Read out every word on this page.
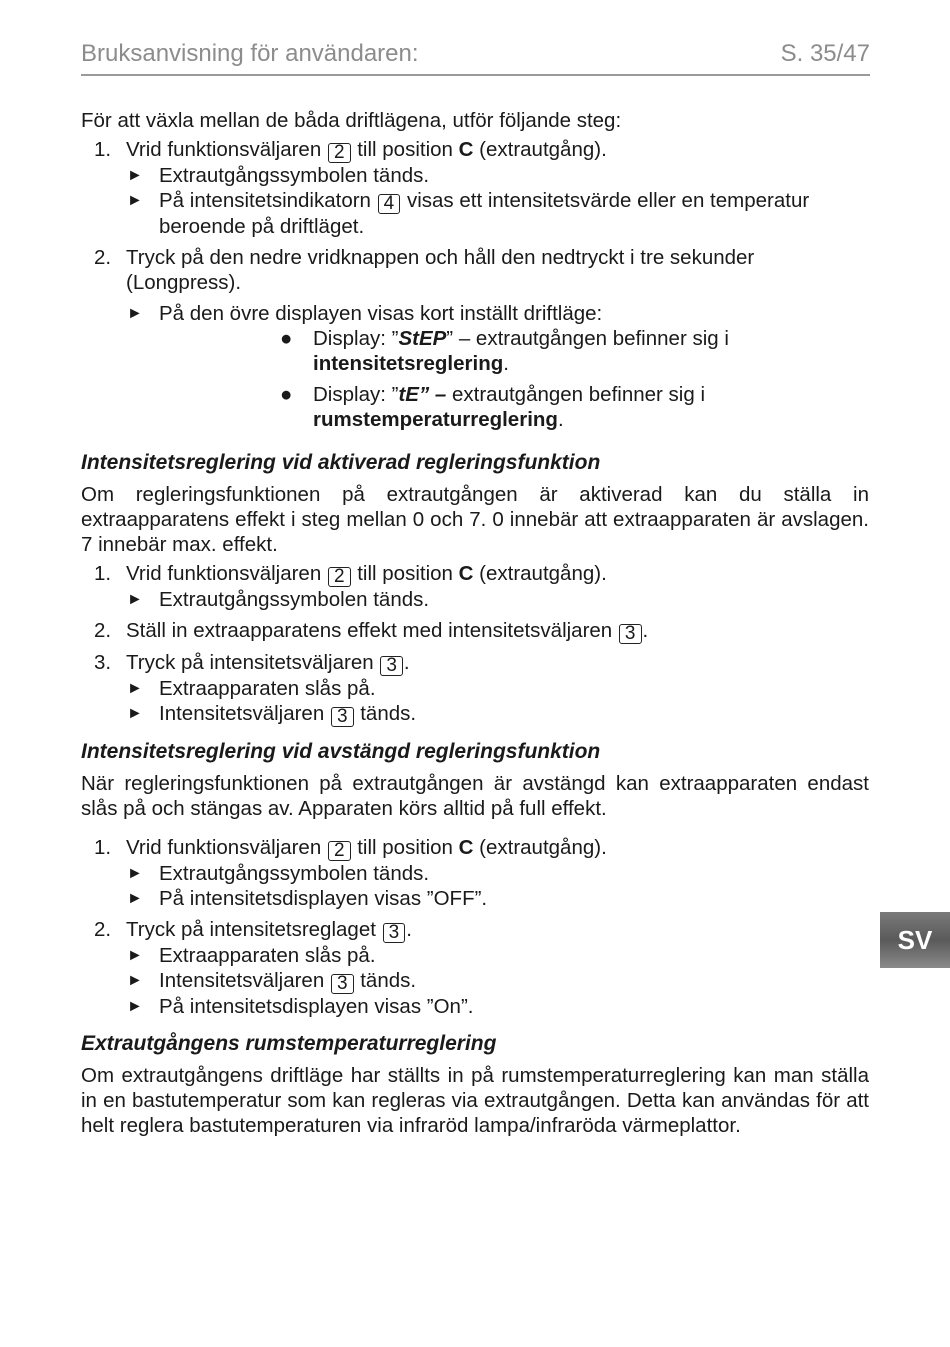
Bruksanvisning för användaren:	S. 35/47

För att växla mellan de båda driftlägena, utför följande steg:

1. Vrid funktionsväljaren 2 till position C (extrautgång).
► Extrautgångssymbolen tänds.
► På intensitetsindikatorn 4 visas ett intensitetsvärde eller en temperatur beroende på driftläget.
2. Tryck på den nedre vridknappen och håll den nedtryckt i tre sekunder (Longpress).
► På den övre displayen visas kort inställt driftläge:
● Display: ”StEP” – extrautgången befinner sig i intensitetsreglering.
● Display: ”tE” – extrautgången befinner sig i rumstemperaturreglering.
Intensitetsreglering vid aktiverad regleringsfunktion

Om regleringsfunktionen på extrautgången är aktiverad kan du ställa in extraapparatens effekt i steg mellan 0 och 7. 0 innebär att extraapparaten är avslagen. 7 innebär max. effekt.

1. Vrid funktionsväljaren 2 till position C (extrautgång).
► Extrautgångssymbolen tänds.
2. Ställ in extraapparatens effekt med intensitetsväljaren 3 .
3. Tryck på intensitetsväljaren 3 .
► Extraapparaten slås på.
► Intensitetsväljaren 3 tänds.
Intensitetsreglering vid avstängd regleringsfunktion

När regleringsfunktionen på extrautgången är avstängd kan extraapparaten endast slås på och stängas av. Apparaten körs alltid på full effekt.

1. Vrid funktionsväljaren 2 till position C (extrautgång).
► Extrautgångssymbolen tänds.
► På intensitetsdisplayen visas ”OFF”.
2. Tryck på intensitetsreglaget 3 .
► Extraapparaten slås på.
► Intensitetsväljaren 3 tänds.
► På intensitetsdisplayen visas ”On”.
Extrautgångens rumstemperaturreglering

Om extrautgångens driftläge har ställts in på rumstemperaturreglering kan man ställa in en bastutemperatur som kan regleras via extrautgången. Detta kan användas för att helt reglera bastutemperaturen via infraröd lampa/infraröda värmeplattor.

SV
